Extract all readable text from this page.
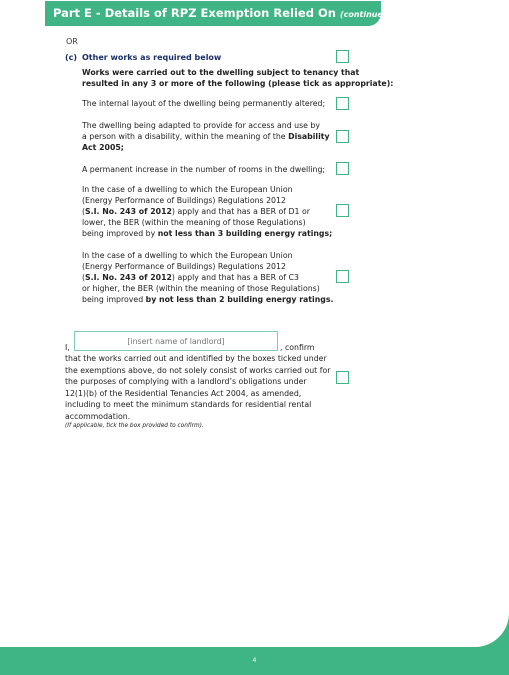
Part E - Details of RPZ Exemption Relied On (continued)
OR
(c) Other works as required below
Works were carried out to the dwelling subject to tenancy that
resulted in any 3 or more of the following (please tick as appropriate):
The internal layout of the dwelling being permanently altered;
The dwelling being adapted to provide for access and use by
a person with a disability, within the meaning of the Disability
Act 2005;
A permanent increase in the number of rooms in the dwelling;
In the case of a dwelling to which the European Union
(Energy Performance of Buildings) Regulations 2012
(S.I. No. 243 of 2012) apply and that has a BER of D1 or
lower, the BER (within the meaning of those Regulations)
being improved by not less than 3 building energy ratings;
In the case of a dwelling to which the European Union
(Energy Performance of Buildings) Regulations 2012
(S.I. No. 243 of 2012) apply and that has a BER of C3
or higher, the BER (within the meaning of those Regulations)
being improved by not less than 2 building energy ratings.
I,
[insert name of landlord]	, confirm
that the works carried out and identified by the boxes ticked under
the exemptions above, do not solely consist of works carried out for
the purposes of complying with a landlord’s obligations under
12(1)(b) of the Residential Tenancies Act 2004, as amended,
including to meet the minimum standards for residential rental
accommodation.
(If applicable, tick the box provided to confirm).
4
